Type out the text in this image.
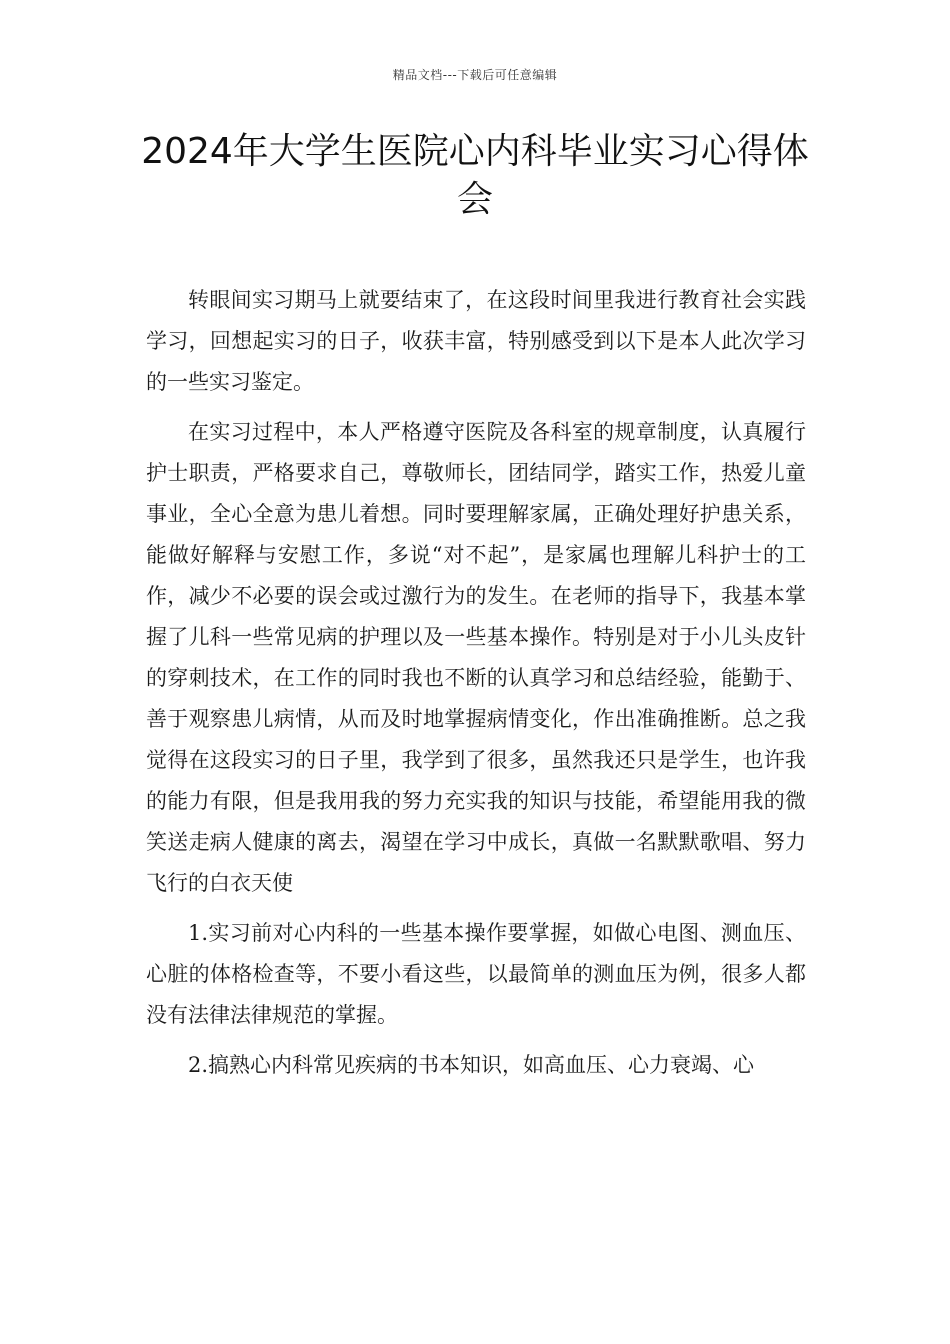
精品文档---下载后可任意编辑
2024年大学生医院心内科毕业实习心得体会

转眼间实习期马上就要结束了，在这段时间里我进行教育社会实践学习，回想起实习的日子，收获丰富，特别感受到以下是本人此次学习的一些实习鉴定。

在实习过程中，本人严格遵守医院及各科室的规章制度，认真履行护士职责，严格要求自己，尊敬师长，团结同学，踏实工作，热爱儿童事业，全心全意为患儿着想。同时要理解家属，正确处理好护患关系，能做好解释与安慰工作，多说“对不起”，是家属也理解儿科护士的工作，减少不必要的误会或过激行为的发生。在老师的指导下，我基本掌握了儿科一些常见病的护理以及一些基本操作。特别是对于小儿头皮针的穿刺技术，在工作的同时我也不断的认真学习和总结经验，能勤于、善于观察患儿病情，从而及时地掌握病情变化，作出准确推断。总之我觉得在这段实习的日子里，我学到了很多，虽然我还只是学生，也许我的能力有限，但是我用我的努力充实我的知识与技能，希望能用我的微笑送走病人健康的离去，渴望在学习中成长，真做一名默默歌唱、努力飞行的白衣天使

1.实习前对心内科的一些基本操作要掌握，如做心电图、测血压、心脏的体格检查等，不要小看这些，以最简单的测血压为例，很多人都没有法律法律规范的掌握。

2.搞熟心内科常见疾病的书本知识，如高血压、心力衰竭、心
